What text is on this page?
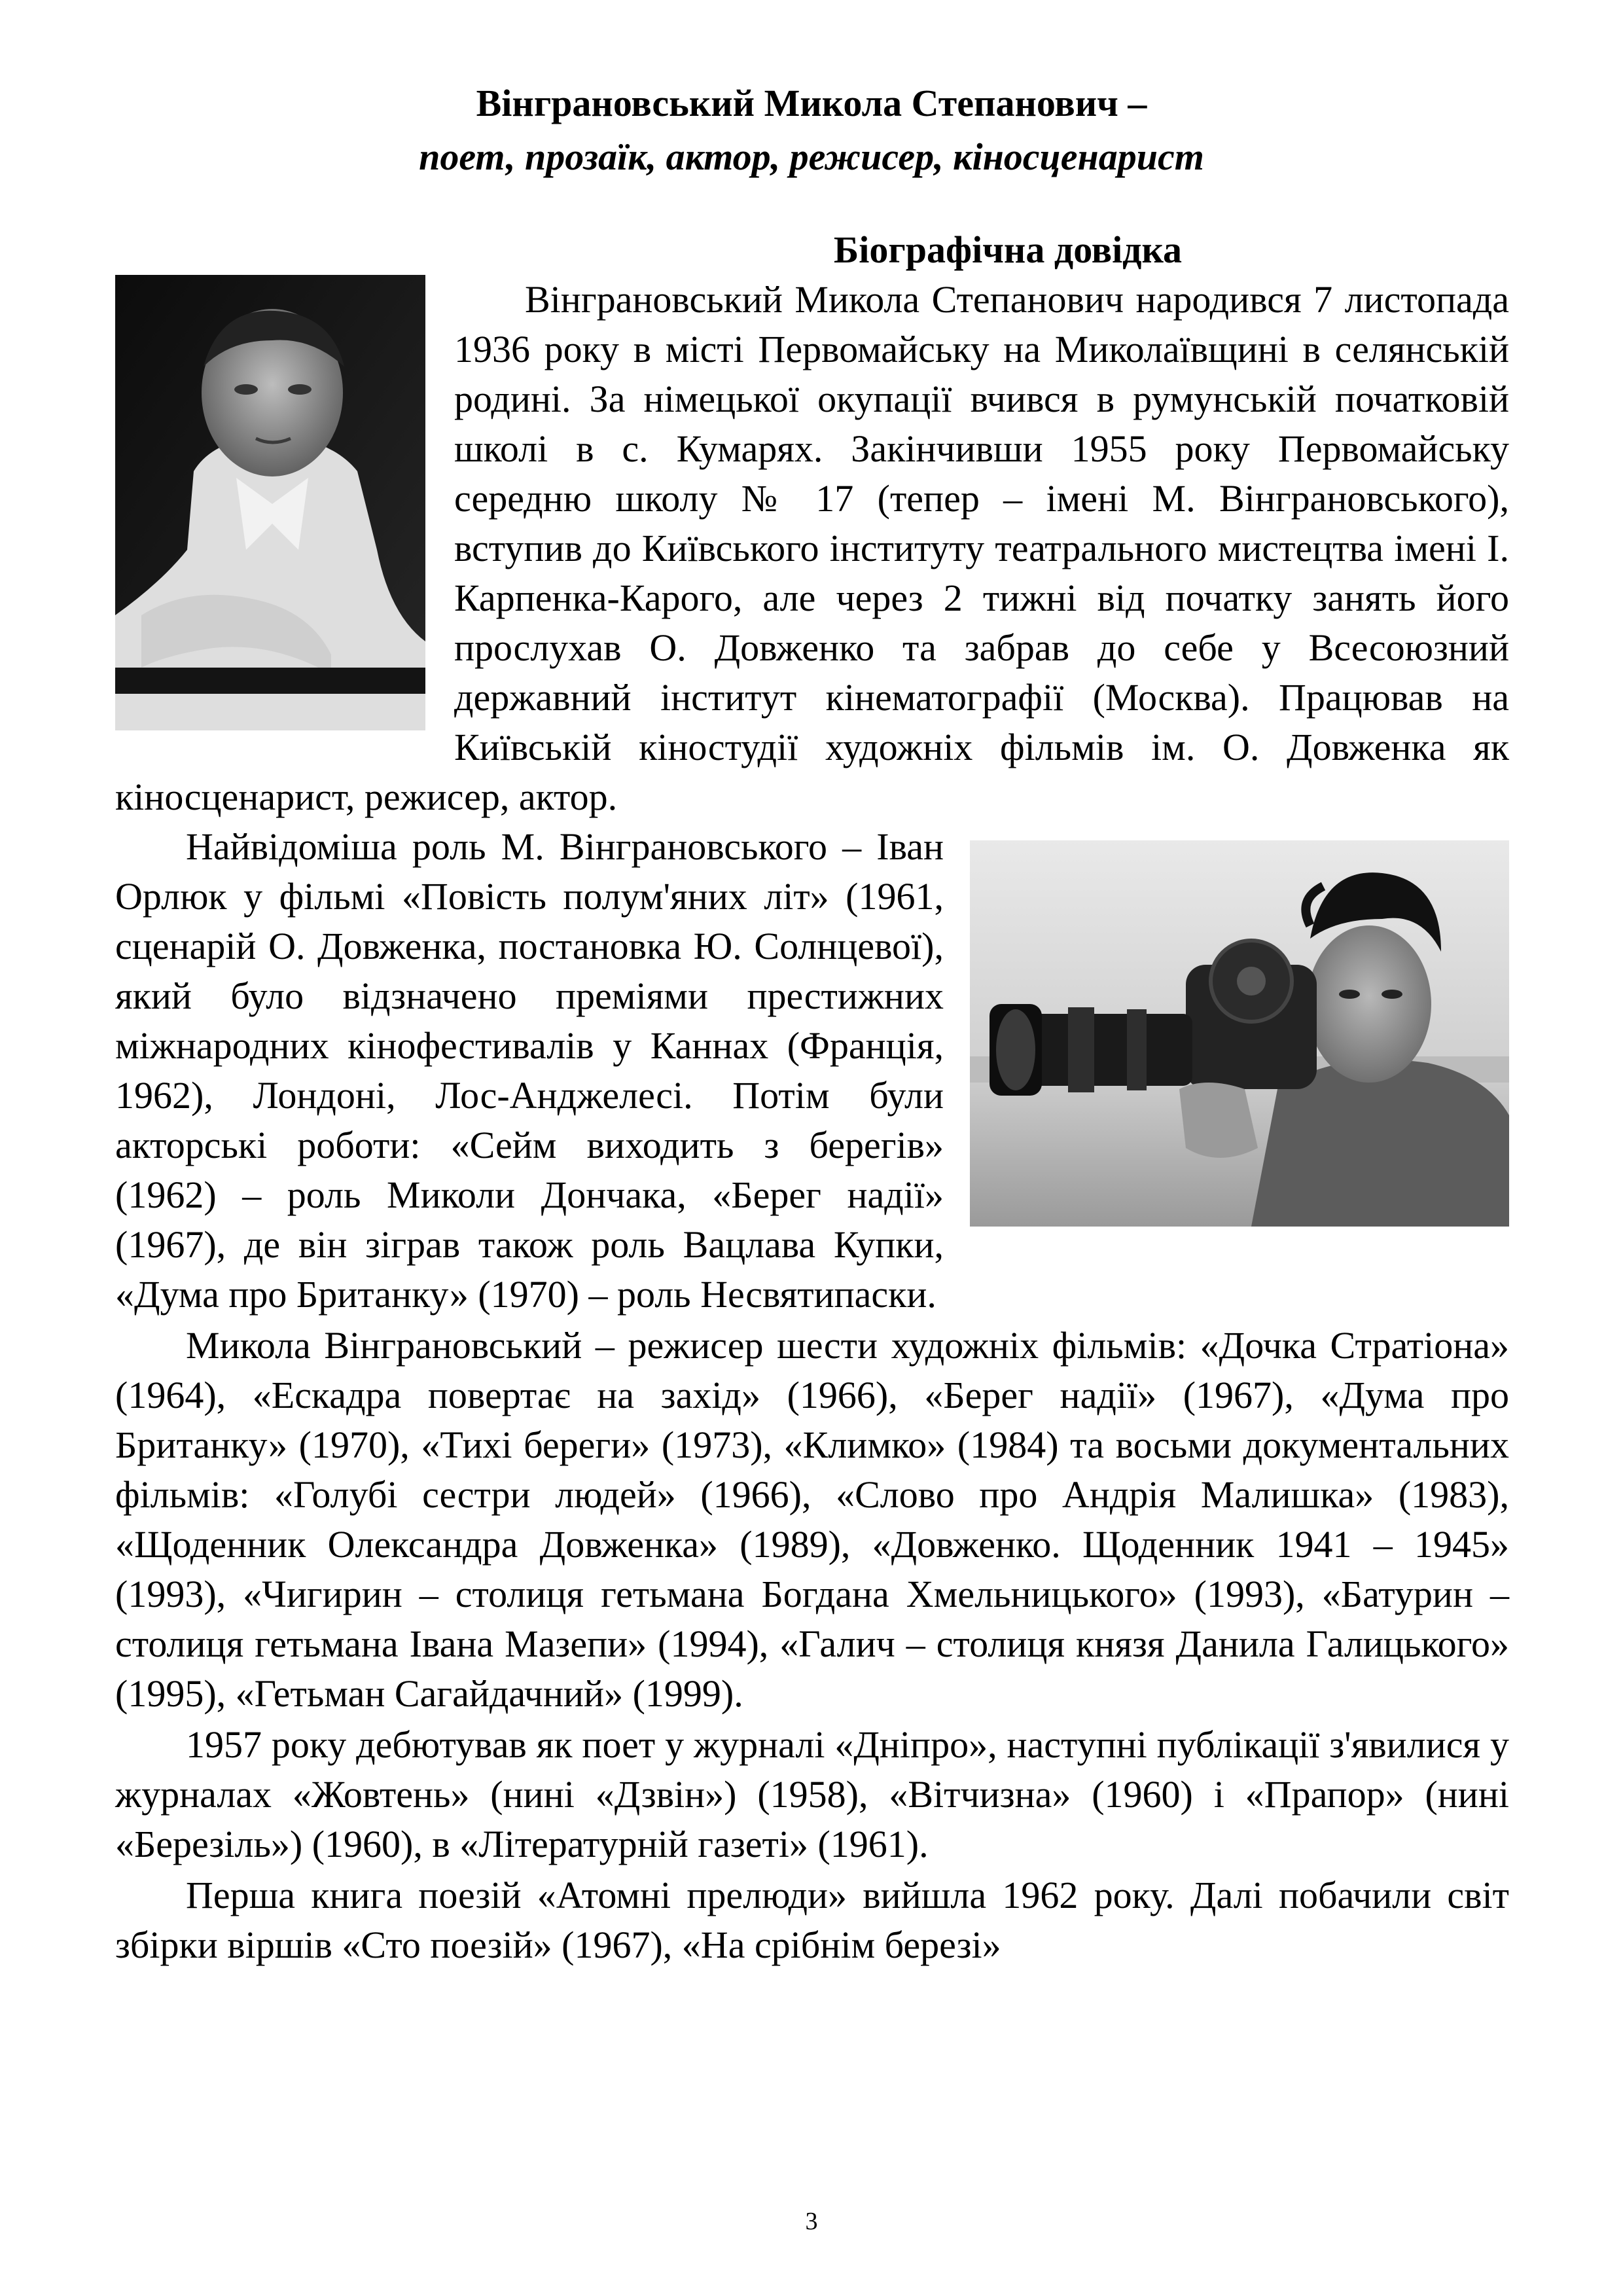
Вінграновський Микола Степанович –
поет, прозаїк, актор, режисер, кіносценарист
Біографічна довідка

Вінграновський Микола Степанович народився 7 листопада 1936 року в місті Первомайську на Миколаївщині в селянській родині. За німецької окупації вчився в румунській початковій школі в с. Кумарях. Закінчивши 1955 року Первомайську середню школу № 17 (тепер – імені М. Вінграновського), вступив до Київського інституту театрального мистецтва імені І. Карпенка-Карого, але через 2 тижні від початку занять його прослухав О. Довженко та забрав до себе у Всесоюзний державний інститут кінематографії (Москва). Працював на Київській кіностудії художніх фільмів ім. О. Довженка як кіносценарист, режисер, актор.

Найвідоміша роль М. Вінграновського – Іван Орлюк у фільмі «Повість полум'яних літ» (1961, сценарій О. Довженка, постановка Ю. Солнцевої), який було відзначено преміями престижних міжнародних кінофестивалів у Каннах (Франція, 1962), Лондоні, Лос-Анджелесі. Потім були акторські роботи: «Сейм виходить з берегів» (1962) – роль Миколи Дончака, «Берег надії» (1967), де він зіграв також роль Вацлава Купки, «Дума про Британку» (1970) – роль Несвятипаски.

Микола Вінграновський – режисер шести художніх фільмів: «Дочка Стратіона» (1964), «Ескадра повертає на захід» (1966), «Берег надії» (1967), «Дума про Британку» (1970), «Тихі береги» (1973), «Климко» (1984) та восьми документальних фільмів: «Голубі сестри людей» (1966), «Слово про Андрія Малишка» (1983), «Щоденник Олександра Довженка» (1989), «Довженко. Щоденник 1941 – 1945» (1993), «Чигирин – столиця гетьмана Богдана Хмельницького» (1993), «Батурин – столиця гетьмана Івана Мазепи» (1994), «Галич – столиця князя Данила Галицького» (1995), «Гетьман Сагайдачний» (1999).

1957 року дебютував як поет у журналі «Дніпро», наступні публікації з'явилися у журналах «Жовтень» (нині «Дзвін») (1958), «Вітчизна» (1960) і «Прапор» (нині «Березіль») (1960), в «Літературній газеті» (1961).

Перша книга поезій «Атомні прелюди» вийшла 1962 року. Далі побачили світ збірки віршів «Сто поезій» (1967), «На срібнім березі»

3
